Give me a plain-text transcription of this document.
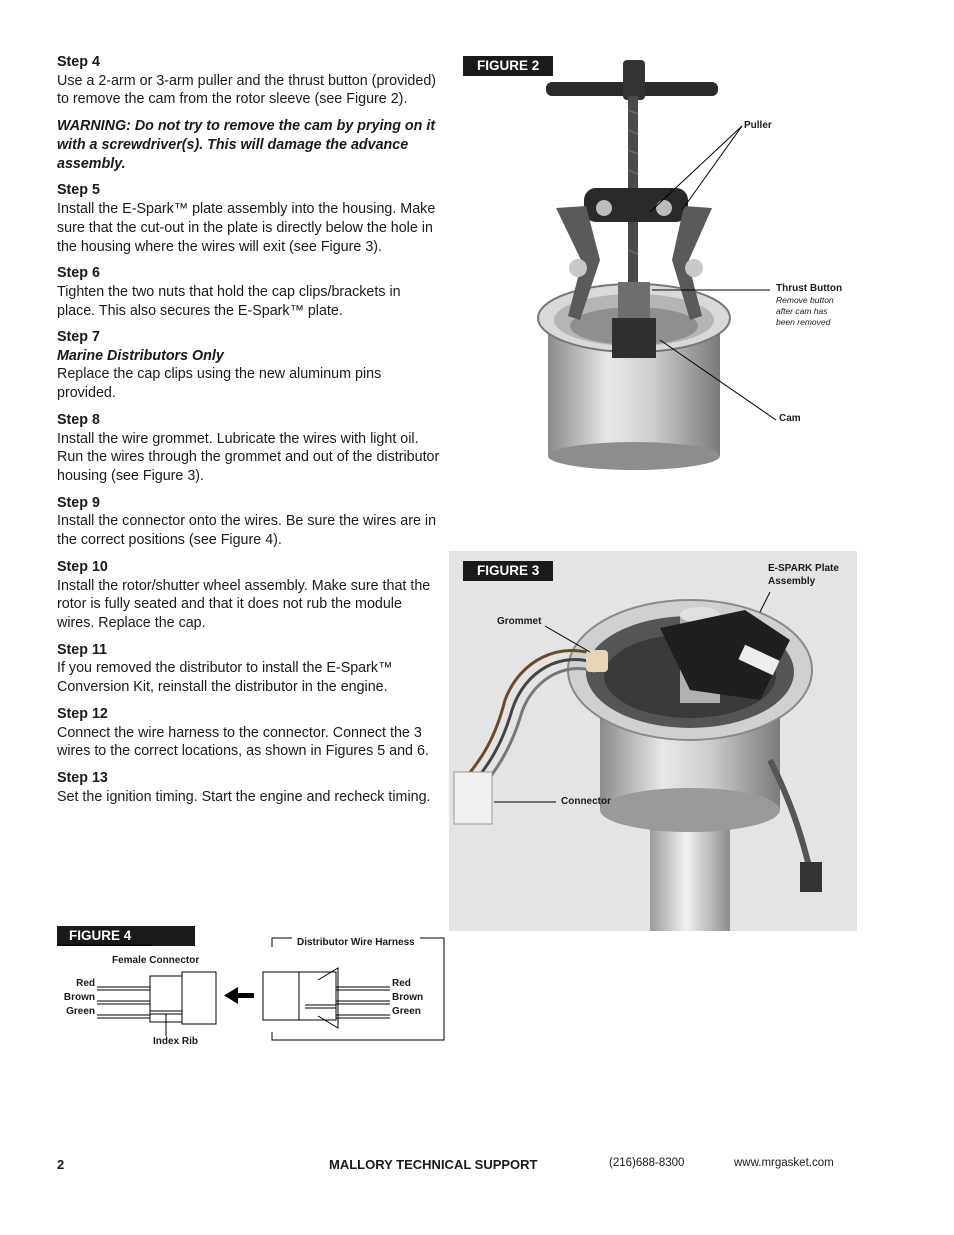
Step 4
Use a 2-arm or 3-arm puller and the thrust button (provided) to remove the cam from the rotor sleeve (see Figure 2).
WARNING: Do not try to remove the cam by prying on it with a screwdriver(s). This will damage the advance assembly.
Step 5
Install the E-Spark™ plate assembly into the housing. Make sure that the cut-out in the plate is directly below the hole in the housing where the wires will exit (see Figure 3).
Step 6
Tighten the two nuts that hold the cap clips/brackets in place. This also secures the E-Spark™ plate.
Step 7
Marine Distributors Only
Replace the cap clips using the new aluminum pins provided.
Step 8
Install the wire grommet. Lubricate the wires with light oil. Run the wires through the grommet and out of the distributor housing (see Figure 3).
Step 9
Install the connector onto the wires. Be sure the wires are in the correct positions (see Figure 4).
Step 10
Install the rotor/shutter wheel assembly. Make sure that the rotor is fully seated and that it does not rub the module wires. Replace the cap.
Step 11
If you removed the distributor to install the E-Spark™ Conversion Kit, reinstall the distributor in the engine.
Step 12
Connect the wire harness to the connector. Connect the 3 wires to the correct locations, as shown in Figures 5 and 6.
Step 13
Set the ignition timing. Start the engine and recheck timing.
FIGURE 2
Puller
Thrust Button
Remove button
after cam has
been removed
Cam
FIGURE 3	E-SPARK Plate
Assembly
Grommet
Connector
FIGURE 4
Female Connector
Distributor Wire Harness
Index Rib
Red
Brown
Green
Red
Brown
Green
2	MALLORY TECHNICAL SUPPORT	(216)688-8300	www.mrgasket.com
